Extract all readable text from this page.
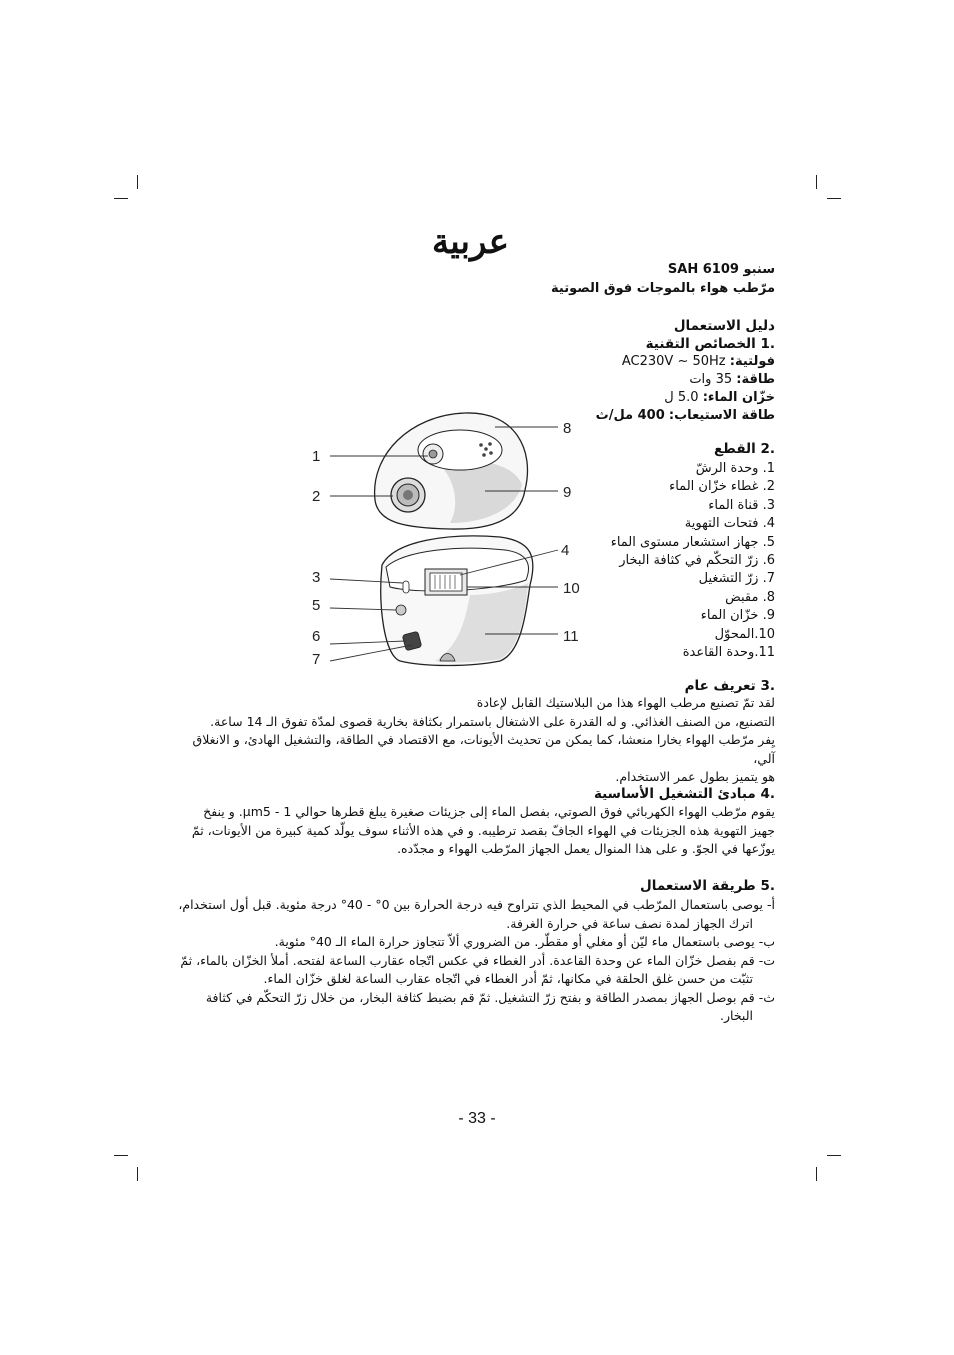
عربية
سنبو SAH 6109
مرّطب هواء بالموجات فوق الصوتية
دليل الاستعمال
.1 الخصائص التقنية
فولتية: AC230V ~ 50Hz
طاقة: 35 وات
خزّان الماء: 5.0 ل
طاقة الاستيعاب: 400 مل/ث
.2 القطع
1. وحدة الرشّ
2. غطاء خزّان الماء
3. قناة الماء
4. فتحات التهوية
5. جهاز استشعار مستوى الماء
6. زرّ التحكّم في كثافة البخار
7. زرّ التشغيل
8. مقبض
9. خزّان الماء
10.المحوّل
11.وحدة القاعدة
1
2
3
5
6
7
8
9
4
10
11
.3 تعريف عام

لقد تمّ تصنيع مرطب الهواء هذا من البلاستيك القابل لإعادة

التصنيع، من الصنف الغذائي. و له القدرة على الاشتغال باستمرار بكثافة بخارية قصوى لمدّة تفوق الـ 14 ساعة.

يِفر مرّطب الهواء بخارا منعشا، كما يمكن من تحديث الأيونات، مع الاقتصاد في الطاقة، والتشغيل الهادئ، و الانغلاق آلي،

هو يتميز بطول عمر الاستخدام.

.4 مبادئ التشغيل الأساسية

يقوم مرّطب الهواء الكهربائي فوق الصوتي، بفصل الماء إلى جزيئات صغيرة يبلغ قطرها حوالي 1 - µm5. و ينفخ

جهيز التهوية هذه الجزيئات في الهواء الجافّ بقصد ترطيبه. و في هذه الأثناء سوف يولّد كمية كبيرة من الأيونات، ثمّ

يوزّعها في الجوّ. و على هذا المنوال يعمل الجهاز المرّطب الهواء و مجدّده.

.5 طريقة الاستعمال

أ- يوصى باستعمال المرّطب في المحيط الذي تتراوح فيه درجة الحرارة بين 0° - 40° درجة مئوية. قبل أول استخدام، اترك الجهاز لمدة نصف ساعة في حرارة الغرفة.

ب- يوصى باستعمال ماء ليّن أو مغلي أو مقطّر. من الضروري ألاّ تتجاوز حرارة الماء الـ 40° مئوية.

ت- قم بفصل خزّان الماء عن وحدة القاعدة. أدر الغطاء في عكس اتّجاه عقارب الساعة لفتحه. أملأ الخزّان بالماء، ثمّ تثبّت من حسن غلق الحلقة في مكانها، ثمّ أدر الغطاء في اتّجاه عقارب الساعة لغلق خزّان الماء.

ث- قم بوصل الجهاز بمصدر الطاقة و بفتح زرّ التشغيل. ثمّ قم بضبط كثافة البخار، من خلال زرّ التحكّم في كثافة البخار.

- 33 -
